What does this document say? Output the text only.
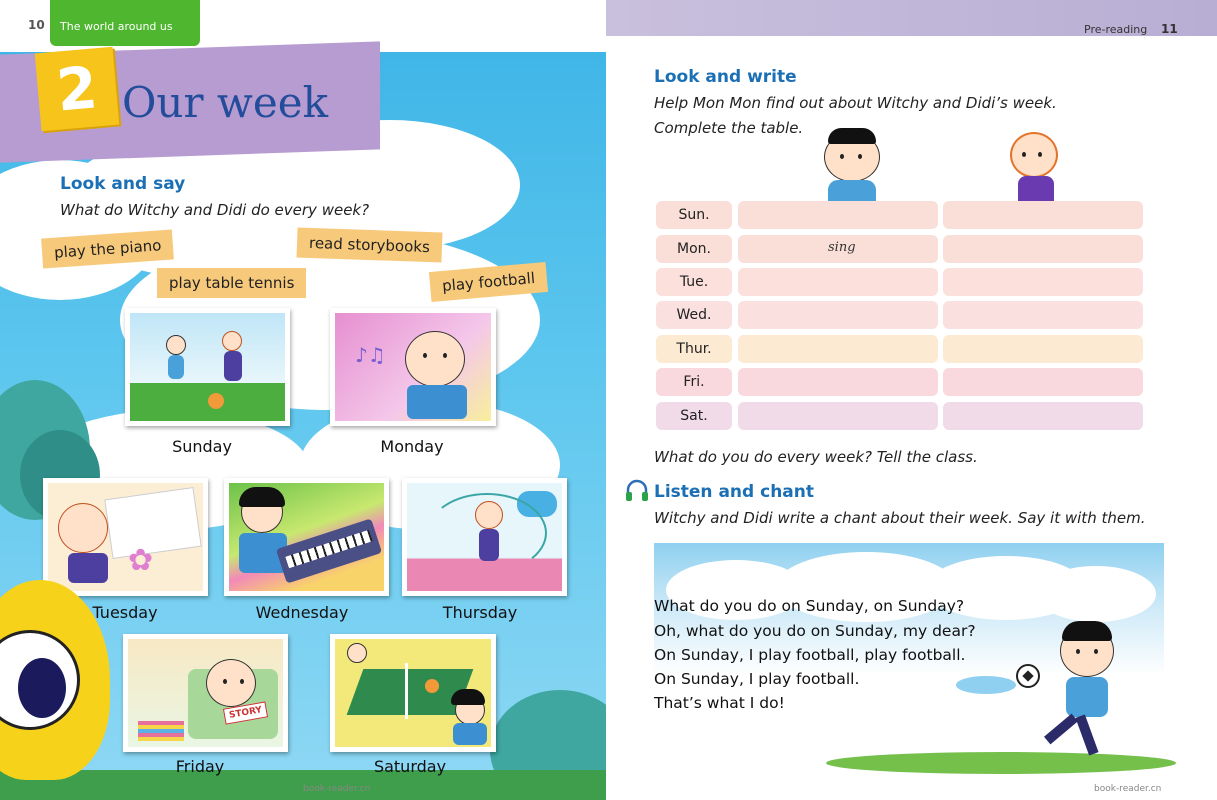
10 The world around us
2 Our week
Look and say
What do Witchy and Didi do every week?
play the piano	read storybooks
play table tennis	play football
Sunday
♪♫
Monday
✿
Tuesday	Wednesday	Thursday
STORY
Friday	Saturday
book-reader.cn
Pre-reading 11
Look and write
Help Mon Mon find out about Witchy and Didi’s week.
Complete the table.
Sun.
Mon.	sing
Tue.
Wed.
Thur.
Fri.
Sat.
What do you do every week? Tell the class.
Listen and chant
Witchy and Didi write a chant about their week. Say it with them.
What do you do on Sunday, on Sunday?
Oh, what do you do on Sunday, my dear?
On Sunday, I play football, play football.
On Sunday, I play football.
That’s what I do!
book-reader.cn
